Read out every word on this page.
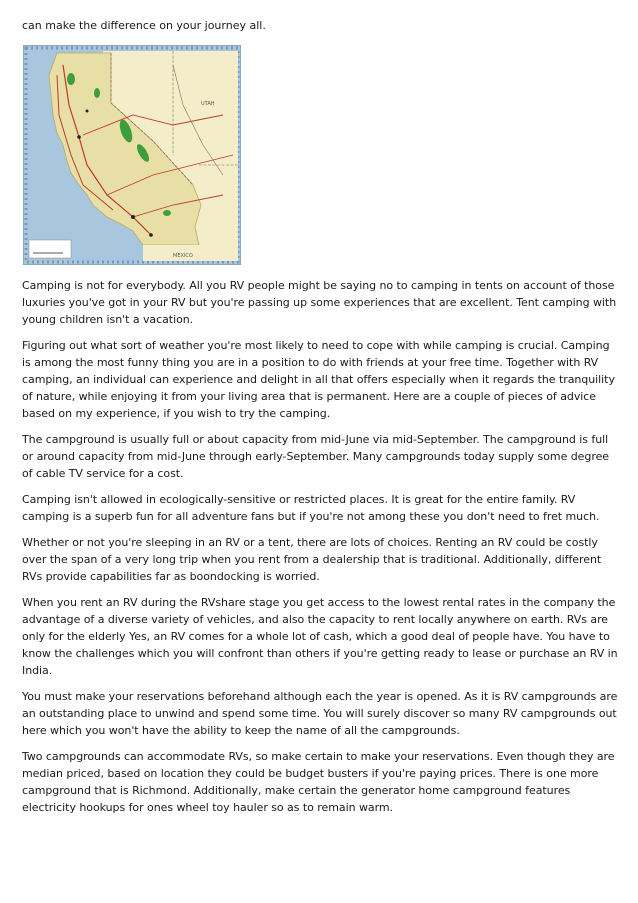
can make the difference on your journey all.

UTAH
MEXICO

Camping is not for everybody. All you RV people might be saying no to camping in tents on account of those luxuries you've got in your RV but you're passing up some experiences that are excellent. Tent camping with young children isn't a vacation.

Figuring out what sort of weather you're most likely to need to cope with while camping is crucial. Camping is among the most funny thing you are in a position to do with friends at your free time. Together with RV camping, an individual can experience and delight in all that offers especially when it regards the tranquility of nature, while enjoying it from your living area that is permanent. Here are a couple of pieces of advice based on my experience, if you wish to try the camping.

The campground is usually full or about capacity from mid-June via mid-September. The campground is full or around capacity from mid-June through early-September. Many campgrounds today supply some degree of cable TV service for a cost.

Camping isn't allowed in ecologically-sensitive or restricted places. It is great for the entire family. RV camping is a superb fun for all adventure fans but if you're not among these you don't need to fret much.

Whether or not you're sleeping in an RV or a tent, there are lots of choices. Renting an RV could be costly over the span of a very long trip when you rent from a dealership that is traditional. Additionally, different RVs provide capabilities far as boondocking is worried.

When you rent an RV during the RVshare stage you get access to the lowest rental rates in the company the advantage of a diverse variety of vehicles, and also the capacity to rent locally anywhere on earth. RVs are only for the elderly Yes, an RV comes for a whole lot of cash, which a good deal of people have. You have to know the challenges which you will confront than others if you're getting ready to lease or purchase an RV in India.

You must make your reservations beforehand although each the year is opened. As it is RV campgrounds are an outstanding place to unwind and spend some time. You will surely discover so many RV campgrounds out here which you won't have the ability to keep the name of all the campgrounds.

Two campgrounds can accommodate RVs, so make certain to make your reservations. Even though they are median priced, based on location they could be budget busters if you're paying prices. There is one more campground that is Richmond. Additionally, make certain the generator home campground features electricity hookups for ones wheel toy hauler so as to remain warm.
